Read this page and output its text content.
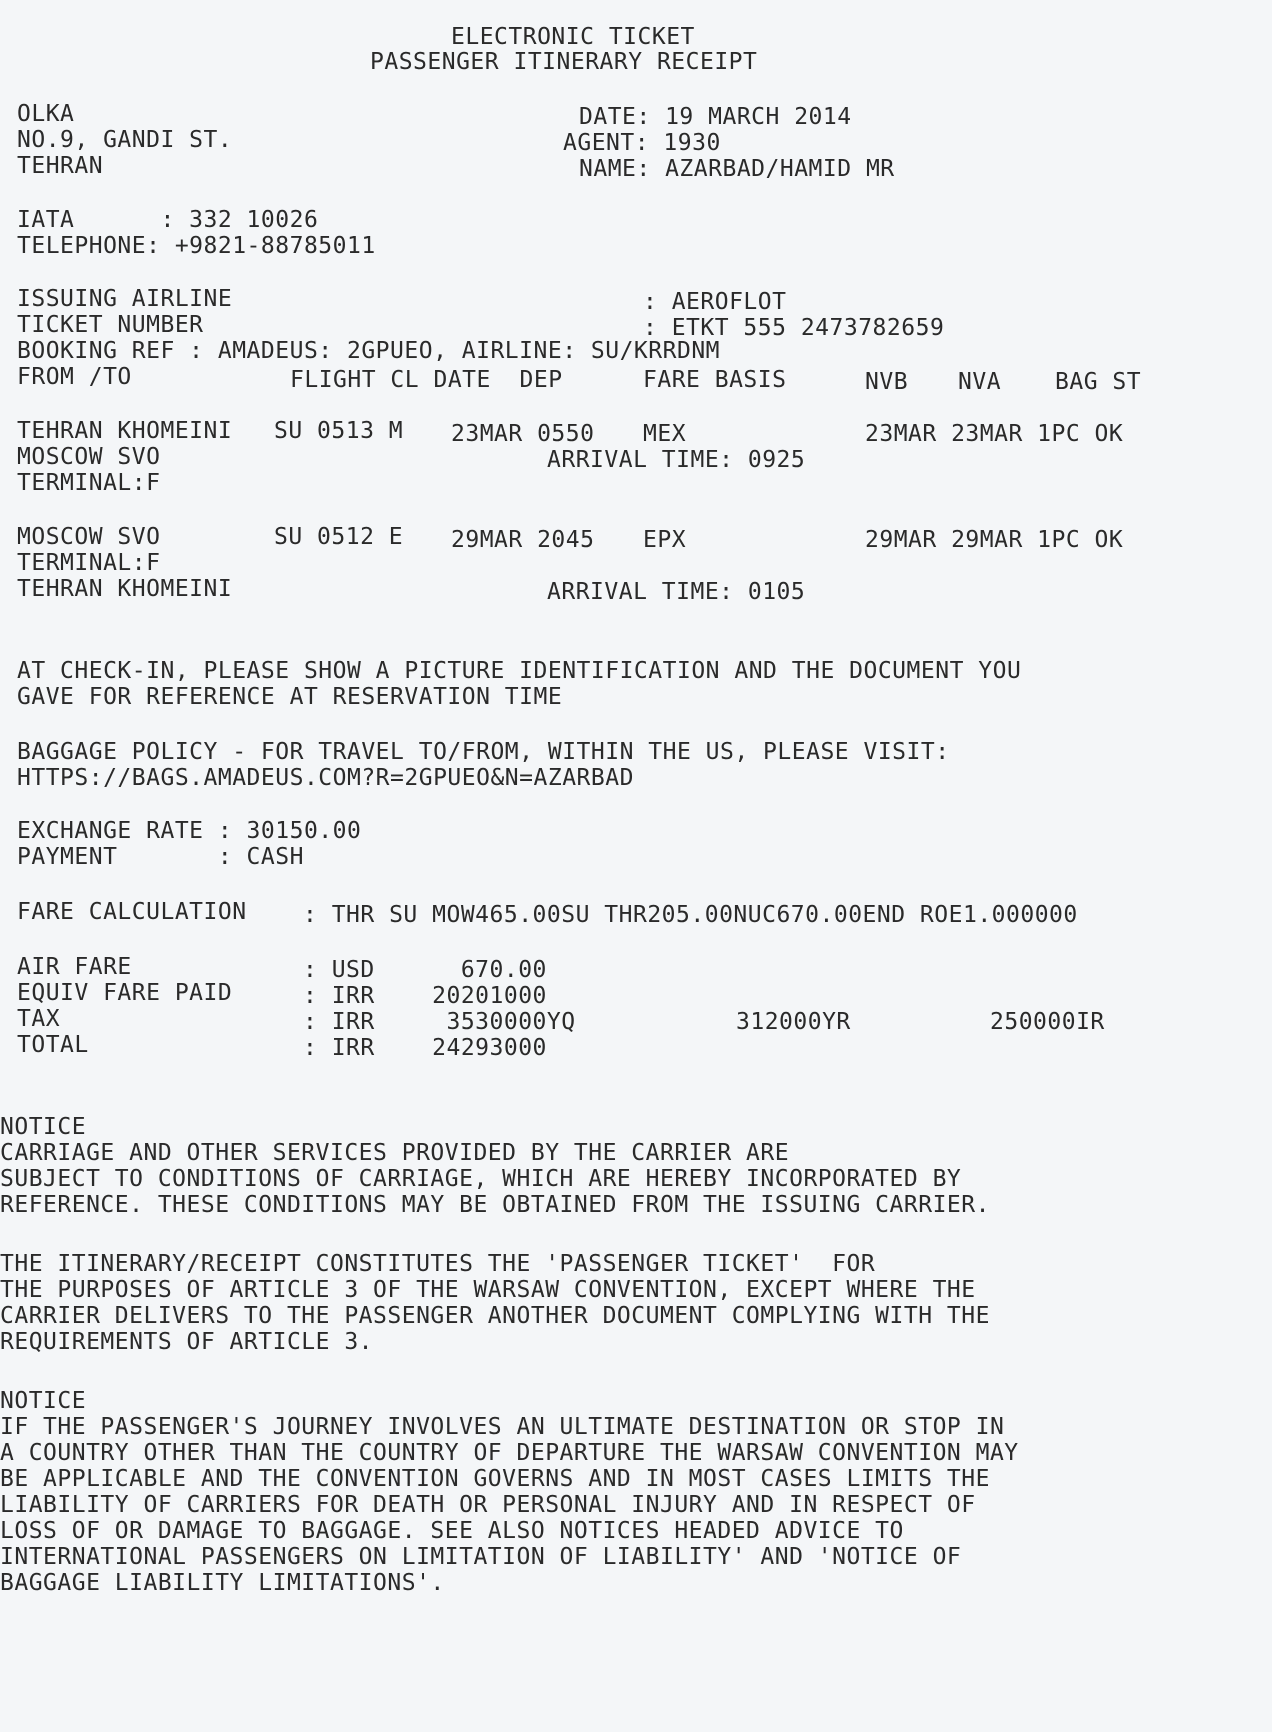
ELECTRONIC TICKET
PASSENGER ITINERARY RECEIPT
OLKA
NO.9, GANDI ST.
TEHRAN
DATE: 19 MARCH 2014
AGENT: 1930
NAME: AZARBAD/HAMID MR
IATA      : 332 10026
TELEPHONE: +9821-88785011
ISSUING AIRLINE	: AEROFLOT
TICKET NUMBER	: ETKT 555 2473782659
BOOKING REF : AMADEUS: 2GPUEO, AIRLINE: SU/KRRDNM
FROM /TO	FLIGHT CL DATE  DEP	FARE BASIS	NVB NVA BAG ST
TEHRAN KHOMEINI SU 0513 M 23MAR 0550 MEX	23MAR 23MAR 1PC OK
MOSCOW SVO	ARRIVAL TIME: 0925
TERMINAL:F
MOSCOW SVO	SU 0512 E 29MAR 2045 EPX	29MAR 29MAR 1PC OK
TERMINAL:F
TEHRAN KHOMEINI	ARRIVAL TIME: 0105
AT CHECK-IN, PLEASE SHOW A PICTURE IDENTIFICATION AND THE DOCUMENT YOU
GAVE FOR REFERENCE AT RESERVATION TIME
BAGGAGE POLICY - FOR TRAVEL TO/FROM, WITHIN THE US, PLEASE VISIT:
HTTPS://BAGS.AMADEUS.COM?R=2GPUEO&N=AZARBAD
EXCHANGE RATE : 30150.00
PAYMENT       : CASH
FARE CALCULATION : THR SU MOW465.00SU THR205.00NUC670.00END ROE1.000000
AIR FARE	: USD      670.00
EQUIV FARE PAID	: IRR    20201000
TAX	: IRR     3530000YQ	312000YR	250000IR
TOTAL	: IRR    24293000
NOTICE
CARRIAGE AND OTHER SERVICES PROVIDED BY THE CARRIER ARE
SUBJECT TO CONDITIONS OF CARRIAGE, WHICH ARE HEREBY INCORPORATED BY
REFERENCE. THESE CONDITIONS MAY BE OBTAINED FROM THE ISSUING CARRIER.
THE ITINERARY/RECEIPT CONSTITUTES THE 'PASSENGER TICKET'  FOR
THE PURPOSES OF ARTICLE 3 OF THE WARSAW CONVENTION, EXCEPT WHERE THE
CARRIER DELIVERS TO THE PASSENGER ANOTHER DOCUMENT COMPLYING WITH THE
REQUIREMENTS OF ARTICLE 3.
NOTICE
IF THE PASSENGER'S JOURNEY INVOLVES AN ULTIMATE DESTINATION OR STOP IN
A COUNTRY OTHER THAN THE COUNTRY OF DEPARTURE THE WARSAW CONVENTION MAY
BE APPLICABLE AND THE CONVENTION GOVERNS AND IN MOST CASES LIMITS THE
LIABILITY OF CARRIERS FOR DEATH OR PERSONAL INJURY AND IN RESPECT OF
LOSS OF OR DAMAGE TO BAGGAGE. SEE ALSO NOTICES HEADED ADVICE TO
INTERNATIONAL PASSENGERS ON LIMITATION OF LIABILITY' AND 'NOTICE OF
BAGGAGE LIABILITY LIMITATIONS'.
